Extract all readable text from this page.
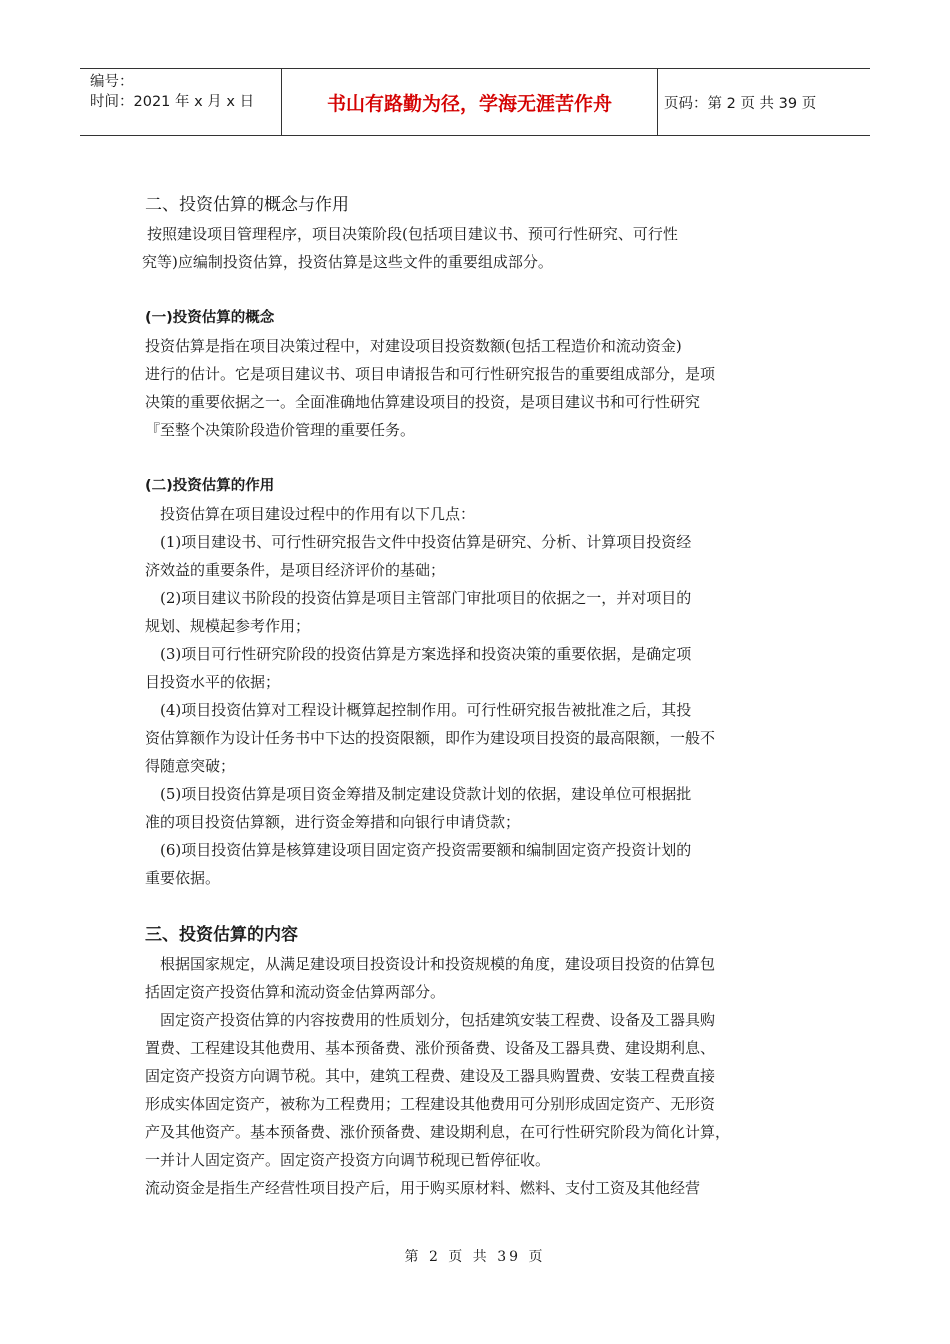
编号：
时间：2021 年 x 月 x 日	书山有路勤为径，学海无涯苦作舟	页码：第 2 页 共 39 页
二、投资估算的概念与作用
按照建设项目管理程序，项目决策阶段(包括项目建议书、预可行性研究、可行性
究等)应编制投资估算，投资估算是这些文件的重要组成部分。
(一)投资估算的概念
投资估算是指在项目决策过程中，对建设项目投资数额(包括工程造价和流动资金)
进行的估计。它是项目建议书、项目申请报告和可行性研究报告的重要组成部分，是项
决策的重要依据之一。全面准确地估算建设项目的投资，是项目建议书和可行性研究
『至整个决策阶段造价管理的重要任务。
(二)投资估算的作用
投资估算在项目建设过程中的作用有以下几点：
(1)项目建设书、可行性研究报告文件中投资估算是研究、分析、计算项目投资经
济效益的重要条件，是项目经济评价的基础；
(2)项目建议书阶段的投资估算是项目主管部门审批项目的依据之一，并对项目的
规划、规模起参考作用；
(3)项目可行性研究阶段的投资估算是方案选择和投资决策的重要依据，是确定项
目投资水平的依据；
(4)项目投资估算对工程设计概算起控制作用。可行性研究报告被批准之后，其投
资估算额作为设计任务书中下达的投资限额，即作为建设项目投资的最高限额，一般不
得随意突破；
(5)项目投资估算是项目资金筹措及制定建设贷款计划的依据，建设单位可根据批
准的项目投资估算额，进行资金筹措和向银行申请贷款；
(6)项目投资估算是核算建设项目固定资产投资需要额和编制固定资产投资计划的
重要依据。
三、投资估算的内容
根据国家规定，从满足建设项目投资设计和投资规模的角度，建设项目投资的估算包
括固定资产投资估算和流动资金估算两部分。
固定资产投资估算的内容按费用的性质划分，包括建筑安装工程费、设备及工器具购
置费、工程建设其他费用、基本预备费、涨价预备费、设备及工器具费、建设期利息、
固定资产投资方向调节税。其中，建筑工程费、建设及工器具购置费、安装工程费直接
形成实体固定资产，被称为工程费用；工程建设其他费用可分别形成固定资产、无形资
产及其他资产。基本预备费、涨价预备费、建设期利息，在可行性研究阶段为简化计算，
一并计人固定资产。固定资产投资方向调节税现已暂停征收。
流动资金是指生产经营性项目投产后，用于购买原材料、燃料、支付工资及其他经营
第 2 页 共 39 页
